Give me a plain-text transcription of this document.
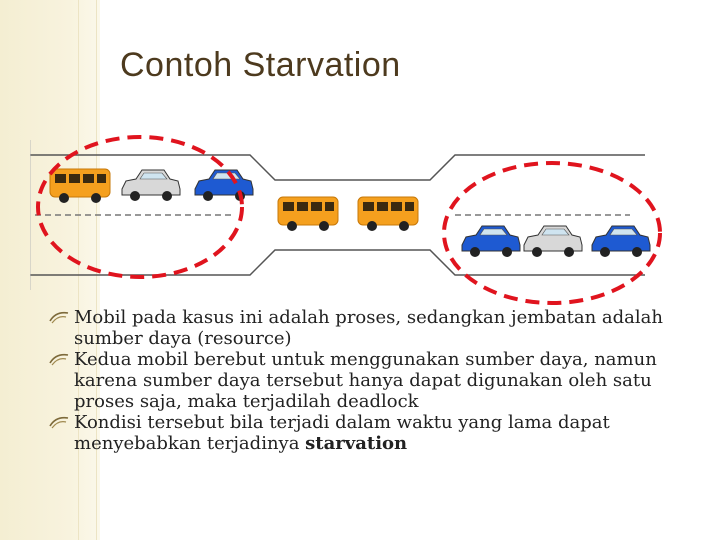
Contoh Starvation

Mobil pada kasus ini adalah proses, sedangkan jembatan adalah sumber daya (resource)

Kedua mobil berebut untuk menggunakan sumber daya, namun karena sumber daya tersebut hanya dapat digunakan oleh satu proses saja, maka terjadilah deadlock

Kondisi tersebut bila terjadi dalam waktu yang lama dapat menyebabkan terjadinya starvation
